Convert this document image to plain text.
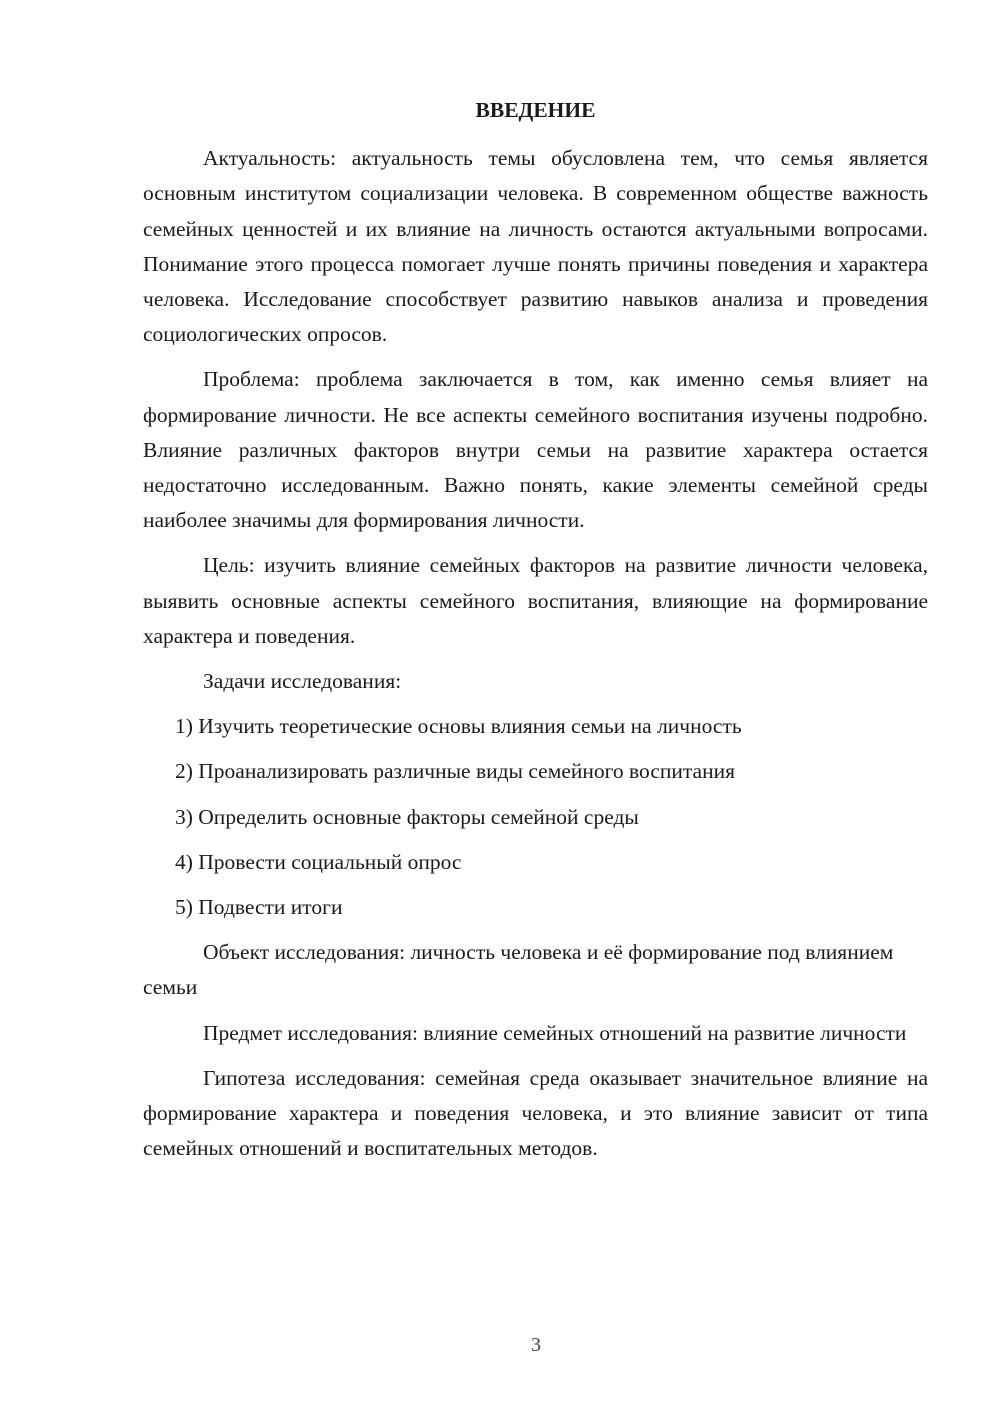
ВВЕДЕНИЕ

Актуальность: актуальность темы обусловлена тем, что семья является основным институтом социализации человека. В современном обществе важность семейных ценностей и их влияние на личность остаются актуальными вопросами. Понимание этого процесса помогает лучше понять причины поведения и характера человека. Исследование способствует развитию навыков анализа и проведения социологических опросов.

Проблема: проблема заключается в том, как именно семья влияет на формирование личности. Не все аспекты семейного воспитания изучены подробно. Влияние различных факторов внутри семьи на развитие характера остается недостаточно исследованным. Важно понять, какие элементы семейной среды наиболее значимы для формирования личности.

Цель: изучить влияние семейных факторов на развитие личности человека, выявить основные аспекты семейного воспитания, влияющие на формирование характера и поведения.

Задачи исследования:

1) Изучить теоретические основы влияния семьи на личность

2) Проанализировать различные виды семейного воспитания

3) Определить основные факторы семейной среды

4) Провести социальный опрос

5) Подвести итоги

Объект исследования: личность человека и её формирование под влиянием семьи

Предмет исследования: влияние семейных отношений на развитие личности

Гипотеза исследования: семейная среда оказывает значительное влияние на формирование характера и поведения человека, и это влияние зависит от типа семейных отношений и воспитательных методов.

3
